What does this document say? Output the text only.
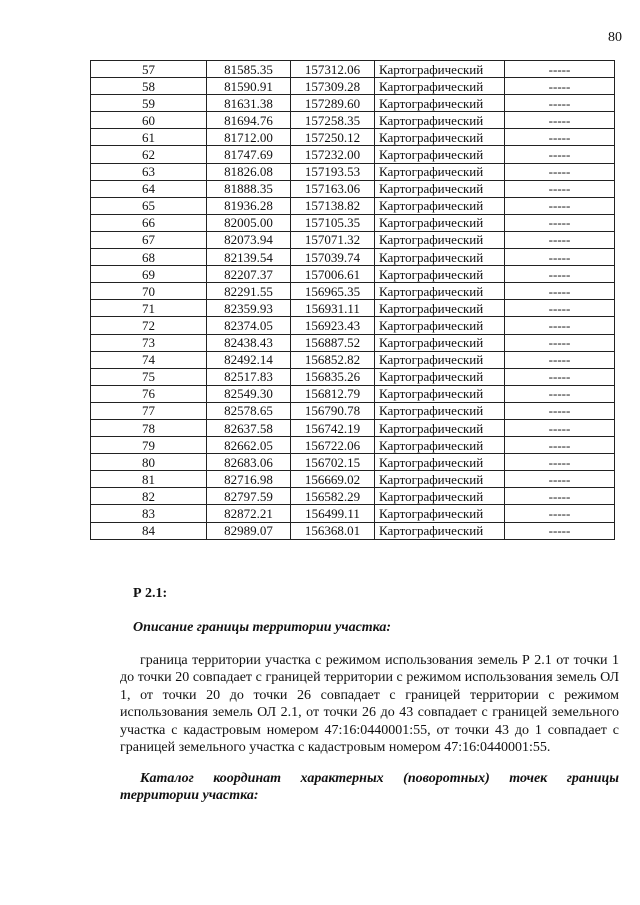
80
57	81585.35	157312.06	Картографический	-----
58	81590.91	157309.28	Картографический	-----
59	81631.38	157289.60	Картографический	-----
60	81694.76	157258.35	Картографический	-----
61	81712.00	157250.12	Картографический	-----
62	81747.69	157232.00	Картографический	-----
63	81826.08	157193.53	Картографический	-----
64	81888.35	157163.06	Картографический	-----
65	81936.28	157138.82	Картографический	-----
66	82005.00	157105.35	Картографический	-----
67	82073.94	157071.32	Картографический	-----
68	82139.54	157039.74	Картографический	-----
69	82207.37	157006.61	Картографический	-----
70	82291.55	156965.35	Картографический	-----
71	82359.93	156931.11	Картографический	-----
72	82374.05	156923.43	Картографический	-----
73	82438.43	156887.52	Картографический	-----
74	82492.14	156852.82	Картографический	-----
75	82517.83	156835.26	Картографический	-----
76	82549.30	156812.79	Картографический	-----
77	82578.65	156790.78	Картографический	-----
78	82637.58	156742.19	Картографический	-----
79	82662.05	156722.06	Картографический	-----
80	82683.06	156702.15	Картографический	-----
81	82716.98	156669.02	Картографический	-----
82	82797.59	156582.29	Картографический	-----
83	82872.21	156499.11	Картографический	-----
84	82989.07	156368.01	Картографический	-----
Р 2.1:
Описание границы территории участка:

граница территории участка с режимом использования земель Р 2.1 от точки 1 до точки 20 совпадает с границей территории с режимом использования земель ОЛ 1, от точки 20 до точки 26 совпадает с границей территории с режимом использования земель ОЛ 2.1, от точки 26 до 43 совпадает с границей земельного участка с кадастровым номером 47:16:0440001:55, от точки 43 до 1 совпадает с границей земельного участка с кадастровым номером 47:16:0440001:55.

Каталог координат характерных (поворотных) точек границы территории участка:
